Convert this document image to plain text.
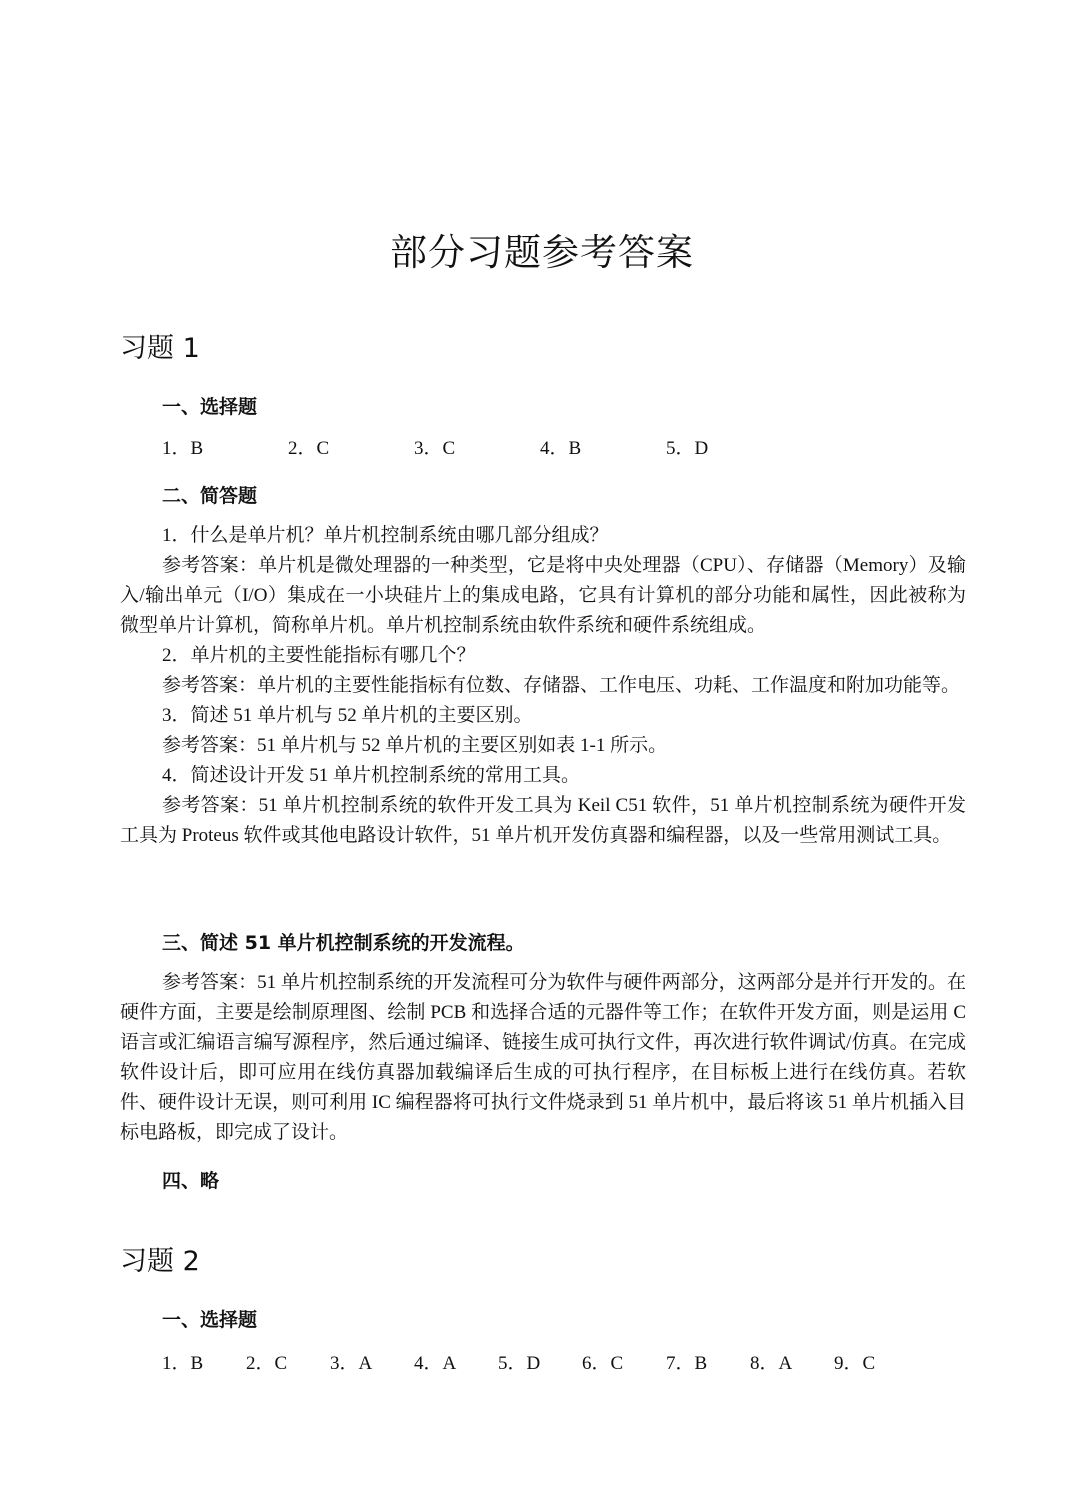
部分习题参考答案
习题 1
一、选择题
1．B	2．C	3．C	4．B	5．D
二、简答题

1．什么是单片机？单片机控制系统由哪几部分组成？

参考答案：单片机是微处理器的一种类型，它是将中央处理器（CPU）、存储器（Memory）及输入/输出单元（I/O）集成在一小块硅片上的集成电路，它具有计算机的部分功能和属性，因此被称为微型单片计算机，简称单片机。单片机控制系统由软件系统和硬件系统组成。

2．单片机的主要性能指标有哪几个？

参考答案：单片机的主要性能指标有位数、存储器、工作电压、功耗、工作温度和附加功能等。

3．简述 51 单片机与 52 单片机的主要区别。

参考答案：51 单片机与 52 单片机的主要区别如表 1-1 所示。

4．简述设计开发 51 单片机控制系统的常用工具。

参考答案：51 单片机控制系统的软件开发工具为 Keil C51 软件，51 单片机控制系统为硬件开发工具为 Proteus 软件或其他电路设计软件，51 单片机开发仿真器和编程器，以及一些常用测试工具。

三、简述 51 单片机控制系统的开发流程。

参考答案：51 单片机控制系统的开发流程可分为软件与硬件两部分，这两部分是并行开发的。在硬件方面，主要是绘制原理图、绘制 PCB 和选择合适的元器件等工作；在软件开发方面，则是运用 C 语言或汇编语言编写源程序，然后通过编译、链接生成可执行文件，再次进行软件调试/仿真。在完成软件设计后，即可应用在线仿真器加载编译后生成的可执行程序，在目标板上进行在线仿真。若软件、硬件设计无误，则可利用 IC 编程器将可执行文件烧录到 51 单片机中，最后将该 51 单片机插入目标电路板，即完成了设计。

四、略
习题 2
一、选择题
1．B 2．C 3．A 4．A 5．D 6．C 7．B 8．A 9．C
